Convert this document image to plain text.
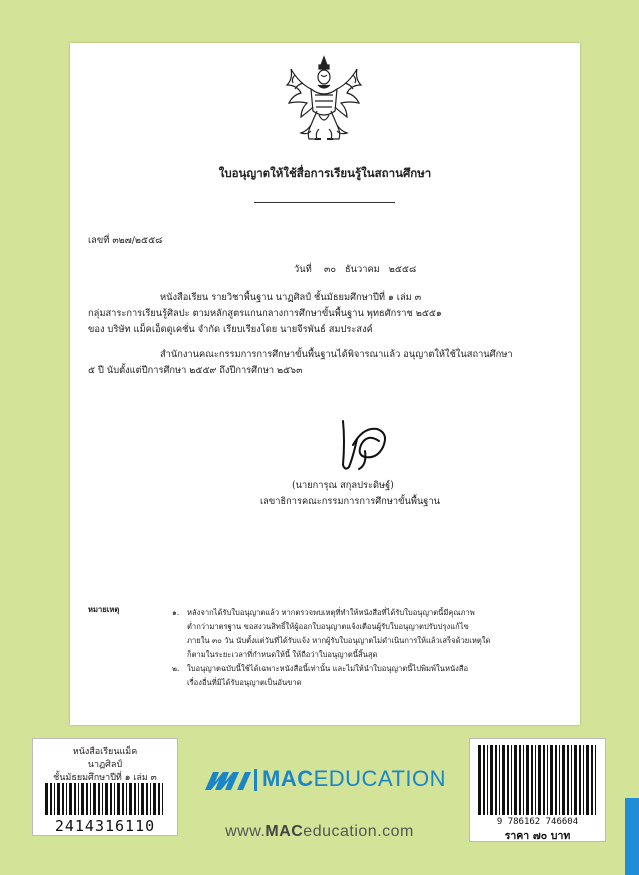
ใบอนุญาตให้ใช้สื่อการเรียนรู้ในสถานศึกษา
เลขที่ ๓๒๗/๒๕๕๘
วันที่ ๓๐ ธันวาคม ๒๕๕๘
หนังสือเรียน รายวิชาพื้นฐาน นาฏศิลป์ ชั้นมัธยมศึกษาปีที่ ๑ เล่ม ๓
กลุ่มสาระการเรียนรู้ศิลปะ ตามหลักสูตรแกนกลางการศึกษาขั้นพื้นฐาน พุทธศักราช ๒๕๕๑
ของ บริษัท แม็คเอ็ดดูเคชั่น จำกัด เรียบเรียงโดย นายจีรพันธ์ สมประสงค์
สำนักงานคณะกรรมการการศึกษาขั้นพื้นฐานได้พิจารณาแล้ว อนุญาตให้ใช้ในสถานศึกษา
๕ ปี นับตั้งแต่ปีการศึกษา ๒๕๕๙ ถึงปีการศึกษา ๒๕๖๓
(นายการุณ สกุลประดิษฐ์)
เลขาธิการคณะกรรมการการศึกษาขั้นพื้นฐาน
หมายเหตุ	๑. หลังจากได้รับใบอนุญาตแล้ว หากตรวจพบเหตุที่ทำให้หนังสือที่ได้รับใบอนุญาตนี้มีคุณภาพ
ต่ำกว่ามาตรฐาน ขอสงวนสิทธิ์ให้ผู้ออกใบอนุญาตแจ้งเตือนผู้รับใบอนุญาตปรับปรุงแก้ไข
ภายใน ๓๐ วัน นับตั้งแต่วันที่ได้รับแจ้ง หากผู้รับใบอนุญาตไม่ดำเนินการให้แล้วเสร็จด้วยเหตุใด
ก็ตามในระยะเวลาที่กำหนดให้นี้ ให้ถือว่าใบอนุญาตนี้สิ้นสุด
๒. ใบอนุญาตฉบับนี้ใช้ได้เฉพาะหนังสือนี้เท่านั้น และไม่ให้นำใบอนุญาตนี้ไปพิมพ์ในหนังสือ
เรื่องอื่นที่มิได้รับอนุญาตเป็นอันขาด
หนังสือเรียนแม็ค
นาฏศิลป์
ชั้นมัธยมศึกษาปีที่ ๑ เล่ม ๓
2414316110
MACEDUCATION
www.MACeducation.com
9 786162 746604
ราคา ๗๐ บาท
